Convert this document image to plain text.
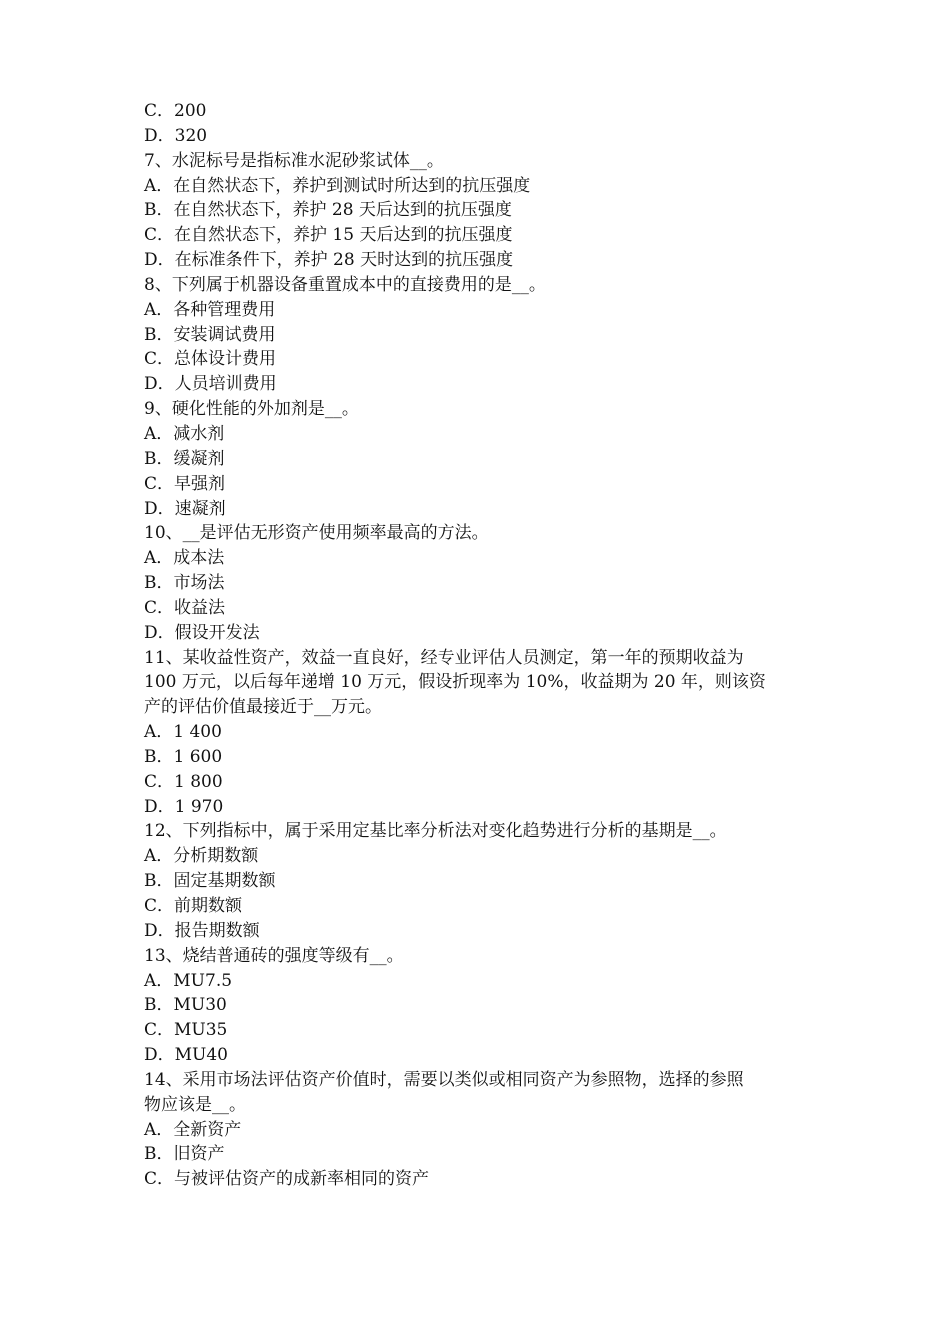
C．200
D．320
7、水泥标号是指标准水泥砂浆试体__。
A．在自然状态下，养护到测试时所达到的抗压强度
B．在自然状态下，养护 28 天后达到的抗压强度
C．在自然状态下，养护 15 天后达到的抗压强度
D．在标准条件下，养护 28 天时达到的抗压强度
8、下列属于机器设备重置成本中的直接费用的是__。
A．各种管理费用
B．安装调试费用
C．总体设计费用
D．人员培训费用
9、硬化性能的外加剂是__。
A．减水剂
B．缓凝剂
C．早强剂
D．速凝剂
10、__是评估无形资产使用频率最高的方法。
A．成本法
B．市场法
C．收益法
D．假设开发法
11、某收益性资产，效益一直良好，经专业评估人员测定，第一年的预期收益为
100 万元，以后每年递增 10 万元，假设折现率为 10%，收益期为 20 年，则该资
产的评估价值最接近于__万元。
A．1 400
B．1 600
C．1 800
D．1 970
12、下列指标中，属于采用定基比率分析法对变化趋势进行分析的基期是__。
A．分析期数额
B．固定基期数额
C．前期数额
D．报告期数额
13、烧结普通砖的强度等级有__。
A．MU7.5
B．MU30
C．MU35
D．MU40
14、采用市场法评估资产价值时，需要以类似或相同资产为参照物，选择的参照
物应该是__。
A．全新资产
B．旧资产
C．与被评估资产的成新率相同的资产
